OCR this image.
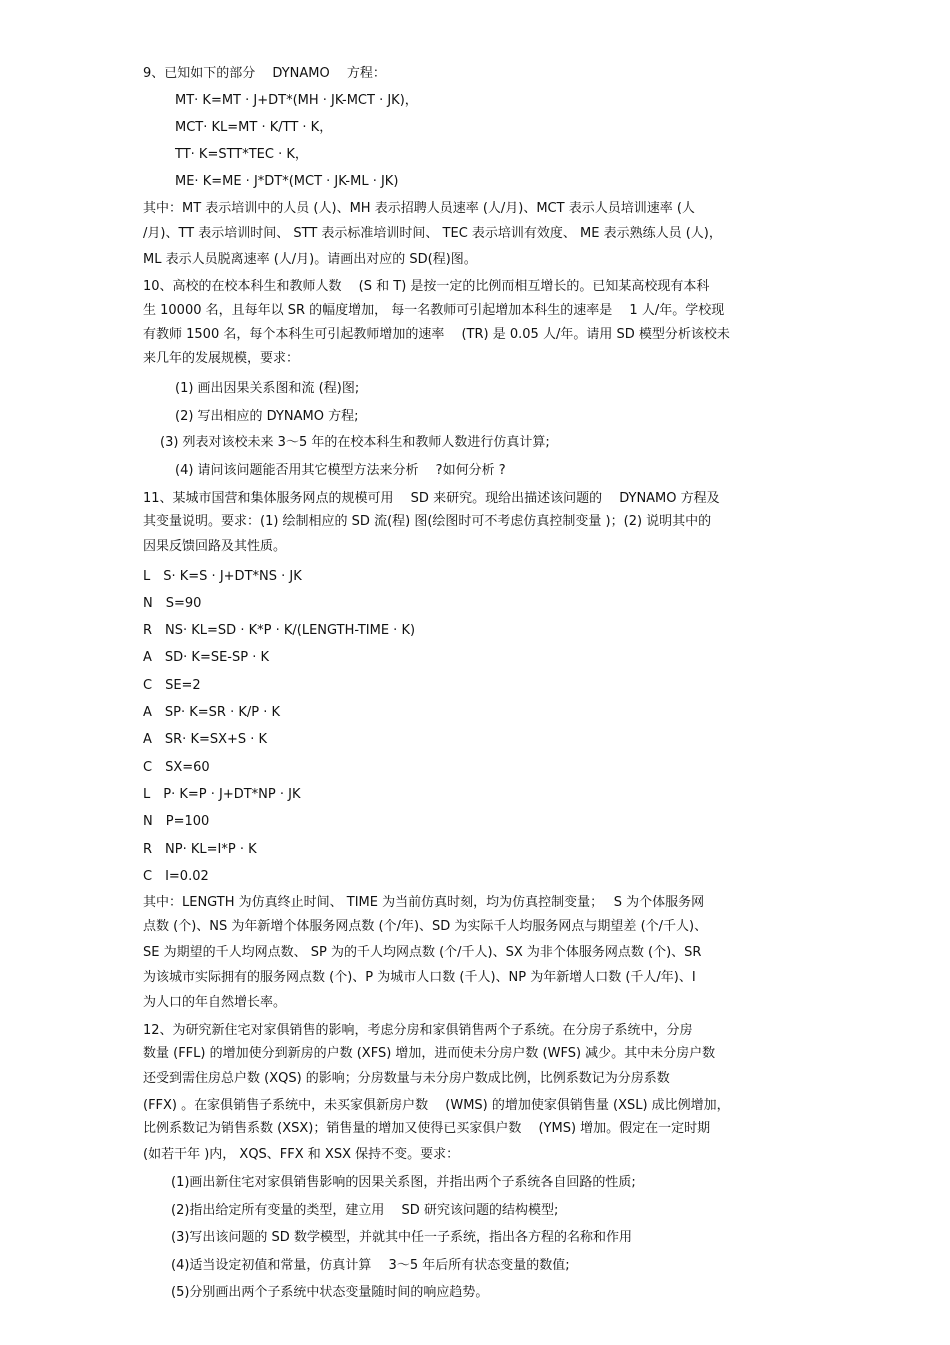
9、已知如下的部分　 DYNAMO 　方程：
MT· K=MT · J+DT*(MH · JK-MCT · JK)，
MCT· KL=MT · K/TT · K，
TT· K=STT*TEC · K，
ME· K=ME · J*DT*(MCT · JK-ML · JK)
其中：MT 表示培训中的人员 (人)、MH 表示招聘人员速率 (人/月)、MCT 表示人员培训速率 (人
/月)、TT 表示培训时间、 STT 表示标准培训时间、 TEC 表示培训有效度、 ME 表示熟练人员 (人)，
ML 表示人员脱离速率 (人/月)。请画出对应的 SD(程)图。
10、高校的在校本科生和教师人数　 (S 和 T) 是按一定的比例而相互增长的。已知某高校现有本科
生 10000 名，且每年以 SR 的幅度增加， 每一名教师可引起增加本科生的速率是　 1 人/年。学校现
有教师 1500 名，每个本科生可引起教师增加的速率　 (TR) 是 0.05 人/年。请用 SD 模型分析该校未
来几年的发展规模，要求：
(1) 画出因果关系图和流 (程)图;
(2) 写出相应的 DYNAMO 方程;
(3) 列表对该校未来 3～5 年的在校本科生和教师人数进行仿真计算;
(4) 请问该问题能否用其它模型方法来分析　 ?如何分析 ?
11、某城市国营和集体服务网点的规模可用　 SD 来研究。现给出描述该问题的　 DYNAMO 方程及
其变量说明。要求：(1) 绘制相应的 SD 流(程) 图(绘图时可不考虑仿真控制变量 )；(2) 说明其中的
因果反馈回路及其性质。
L　S· K=S · J+DT*NS · JK
N　S=90
R　NS· KL=SD · K*P · K/(LENGTH-TIME · K)
A　SD· K=SE-SP · K
C　SE=2
A　SP· K=SR · K/P · K
A　SR· K=SX+S · K
C　SX=60
L　P· K=P · J+DT*NP · JK
N　P=100
R　NP· KL=I*P · K
C　I=0.02
其中：LENGTH 为仿真终止时间、 TIME 为当前仿真时刻，均为仿真控制变量；　 S 为个体服务网
点数 (个)、NS 为年新增个体服务网点数 (个/年)、SD 为实际千人均服务网点与期望差 (个/千人)、
SE 为期望的千人均网点数、 SP 为的千人均网点数 (个/千人)、SX 为非个体服务网点数 (个)、SR
为该城市实际拥有的服务网点数 (个)、P 为城市人口数 (千人)、NP 为年新增人口数 (千人/年)、I
为人口的年自然增长率。
12、为研究新住宅对家俱销售的影响，考虑分房和家俱销售两个子系统。在分房子系统中，分房
数量 (FFL) 的增加使分到新房的户数 (XFS) 增加，进而使未分房户数 (WFS) 减少。其中未分房户数
还受到需住房总户数 (XQS) 的影响；分房数量与未分房户数成比例，比例系数记为分房系数
(FFX) 。在家俱销售子系统中，未买家俱新房户数　 (WMS) 的增加使家俱销售量 (XSL) 成比例增加，
比例系数记为销售系数 (XSX)；销售量的增加又使得已买家俱户数　 (YMS) 增加。假定在一定时期
(如若干年 )内， XQS、FFX 和 XSX 保持不变。要求：
(1)画出新住宅对家俱销售影响的因果关系图，并指出两个子系统各自回路的性质;
(2)指出给定所有变量的类型，建立用　 SD 研究该问题的结构模型;
(3)写出该问题的 SD 数学模型，并就其中任一子系统，指出各方程的名称和作用
(4)适当设定初值和常量，仿真计算　 3～5 年后所有状态变量的数值;
(5)分别画出两个子系统中状态变量随时间的响应趋势。
